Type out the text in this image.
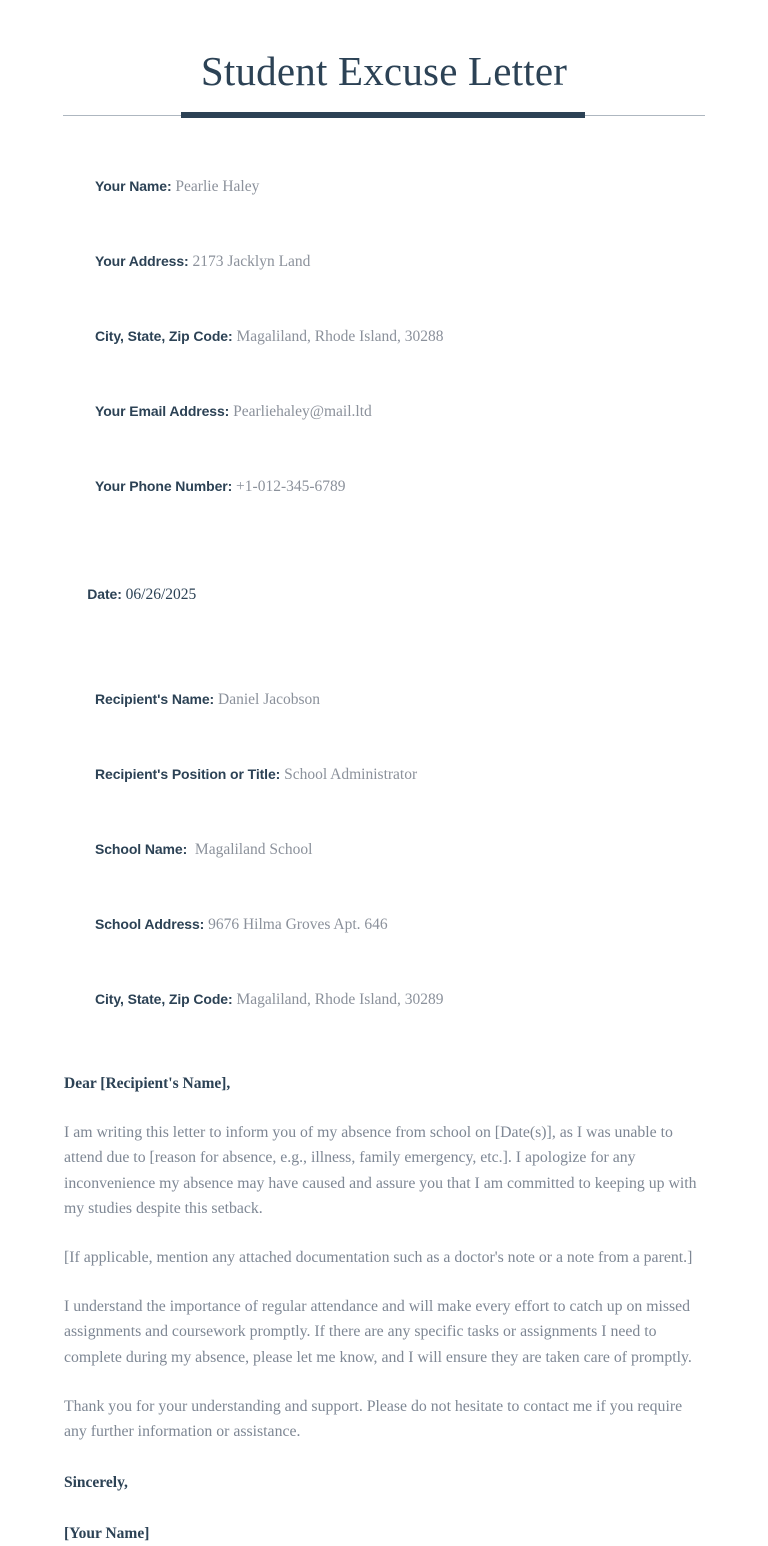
Student Excuse Letter

Your Name: Pearlie Haley

Your Address: 2173 Jacklyn Land

City, State, Zip Code: Magaliland, Rhode Island, 30288

Your Email Address: Pearliehaley@mail.ltd

Your Phone Number: +1-012-345-6789

Date: 06/26/2025

Recipient's Name: Daniel Jacobson

Recipient's Position or Title: School Administrator

School Name:  Magaliland School

School Address: 9676 Hilma Groves Apt. 646

City, State, Zip Code: Magaliland, Rhode Island, 30289

Dear [Recipient's Name],

I am writing this letter to inform you of my absence from school on [Date(s)], as I was unable to attend due to [reason for absence, e.g., illness, family emergency, etc.]. I apologize for any inconvenience my absence may have caused and assure you that I am committed to keeping up with my studies despite this setback.

[If applicable, mention any attached documentation such as a doctor's note or a note from a parent.]

I understand the importance of regular attendance and will make every effort to catch up on missed assignments and coursework promptly. If there are any specific tasks or assignments I need to complete during my absence, please let me know, and I will ensure they are taken care of promptly.

Thank you for your understanding and support. Please do not hesitate to contact me if you require any further information or assistance.

Sincerely,
[Your Name]
